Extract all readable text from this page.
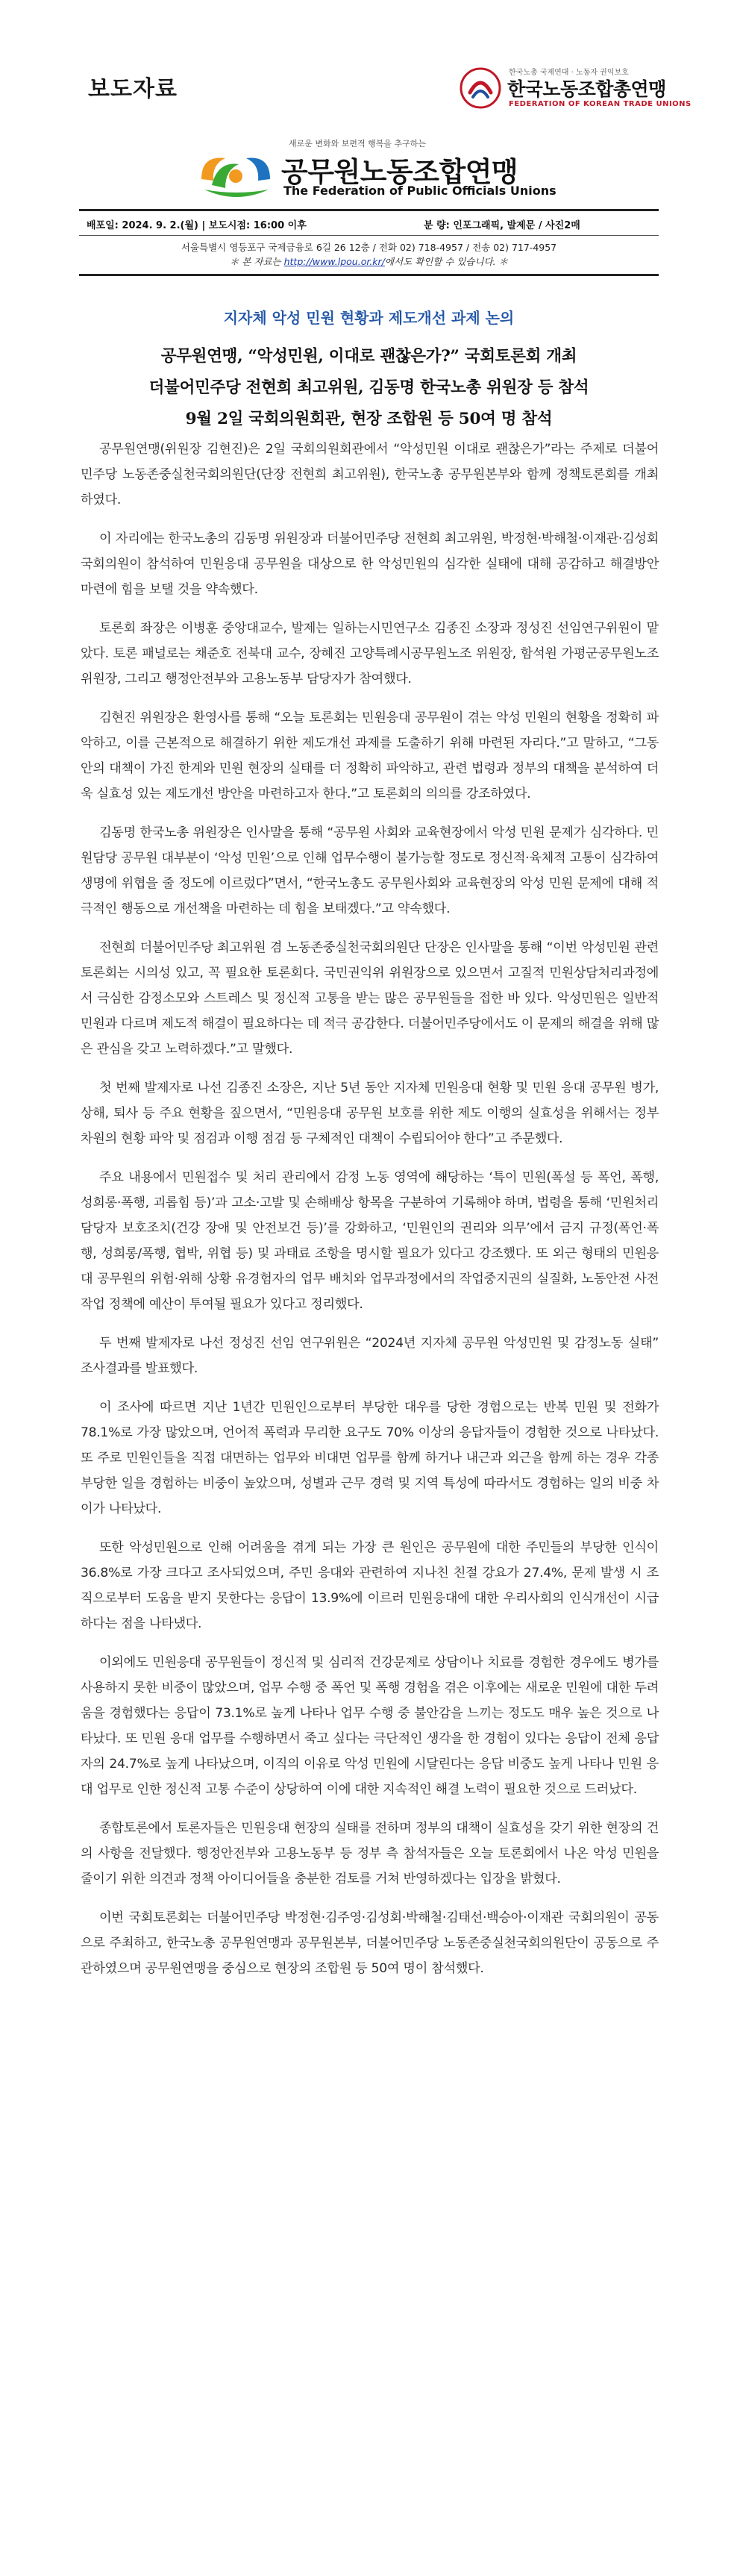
보도자료
한국노총 국제연대 · 노동자 권익보호
한국노동조합총연맹
FEDERATION OF KOREAN TRADE UNIONS
새로운 변화와 보편적 행복을 추구하는
공무원노동조합연맹
The Federation of Public Officials Unions
배포일: 2024. 9. 2.(월) | 보도시점: 16:00 이후	분 량: 인포그래픽, 발제문 / 사진2매
서울특별시 영등포구 국제금융로 6길 26 12층 / 전화 02) 718-4957 / 전송 02) 717-4957
＊ 본 자료는 http://www.lpou.or.kr/에서도 확인할 수 있습니다. ＊
지자체 악성 민원 현황과 제도개선 과제 논의
공무원연맹, “악성민원, 이대로 괜찮은가?” 국회토론회 개최
더불어민주당 전현희 최고위원, 김동명 한국노총 위원장 등 참석
9월 2일 국회의원회관, 현장 조합원 등 50여 명 참석

공무원연맹(위원장 김현진)은 2일 국회의원회관에서 “악성민원 이대로 괜찮은가”라는 주제로 더불어민주당 노동존중실천국회의원단(단장 전현희 최고위원), 한국노총 공무원본부와 함께 정책토론회를 개최하였다.

이 자리에는 한국노총의 김동명 위원장과 더불어민주당 전현희 최고위원, 박정현·박해철·이재관·김성회 국회의원이 참석하여 민원응대 공무원을 대상으로 한 악성민원의 심각한 실태에 대해 공감하고 해결방안 마련에 힘을 보탤 것을 약속했다.

토론회 좌장은 이병훈 중앙대교수, 발제는 일하는시민연구소 김종진 소장과 정성진 선임연구위원이 맡았다. 토론 패널로는 채준호 전북대 교수, 장혜진 고양특례시공무원노조 위원장, 함석원 가평군공무원노조위원장, 그리고 행정안전부와 고용노동부 담당자가 참여했다.

김현진 위원장은 환영사를 통해 “오늘 토론회는 민원응대 공무원이 겪는 악성 민원의 현황을 정확히 파악하고, 이를 근본적으로 해결하기 위한 제도개선 과제를 도출하기 위해 마련된 자리다.”고 말하고, “그동안의 대책이 가진 한계와 민원 현장의 실태를 더 정확히 파악하고, 관련 법령과 정부의 대책을 분석하여 더욱 실효성 있는 제도개선 방안을 마련하고자 한다.”고 토론회의 의의를 강조하였다.

김동명 한국노총 위원장은 인사말을 통해 “공무원 사회와 교육현장에서 악성 민원 문제가 심각하다. 민원담당 공무원 대부분이 ‘악성 민원’으로 인해 업무수행이 불가능할 정도로 정신적·육체적 고통이 심각하여 생명에 위협을 줄 정도에 이르렀다”면서, “한국노총도 공무원사회와 교육현장의 악성 민원 문제에 대해 적극적인 행동으로 개선책을 마련하는 데 힘을 보태겠다.”고 약속했다.

전현희 더불어민주당 최고위원 겸 노동존중실천국회의원단 단장은 인사말을 통해 “이번 악성민원 관련 토론회는 시의성 있고, 꼭 필요한 토론회다. 국민권익위 위원장으로 있으면서 고질적 민원상담처리과정에서 극심한 감정소모와 스트레스 및 정신적 고통을 받는 많은 공무원들을 접한 바 있다. 악성민원은 일반적 민원과 다르며 제도적 해결이 필요하다는 데 적극 공감한다. 더불어민주당에서도 이 문제의 해결을 위해 많은 관심을 갖고 노력하겠다.”고 말했다.

첫 번째 발제자로 나선 김종진 소장은, 지난 5년 동안 지자체 민원응대 현황 및 민원 응대 공무원 병가, 상해, 퇴사 등 주요 현황을 짚으면서, “민원응대 공무원 보호를 위한 제도 이행의 실효성을 위해서는 정부 차원의 현황 파악 및 점검과 이행 점검 등 구체적인 대책이 수립되어야 한다”고 주문했다.

주요 내용에서 민원접수 및 처리 관리에서 감정 노동 영역에 해당하는 ‘특이 민원(폭설 등 폭언, 폭행, 성희롱·폭행, 괴롭힘 등)’과 고소·고발 및 손해배상 항목을 구분하여 기록해야 하며, 법령을 통해 ‘민원처리 담당자 보호조치(건강 장애 및 안전보건 등)’를 강화하고, ‘민원인의 권리와 의무’에서 금지 규정(폭언·폭행, 성희롱/폭행, 협박, 위협 등) 및 과태료 조항을 명시할 필요가 있다고 강조했다. 또 외근 형태의 민원응대 공무원의 위험·위해 상황 유경험자의 업무 배치와 업무과정에서의 작업중지권의 실질화, 노동안전 사전 작업 정책에 예산이 투여될 필요가 있다고 정리했다.

두 번째 발제자로 나선 정성진 선임 연구위원은 “2024년 지자체 공무원 악성민원 및 감정노동 실태” 조사결과를 발표했다.

이 조사에 따르면 지난 1년간 민원인으로부터 부당한 대우를 당한 경험으로는 반복 민원 및 전화가 78.1%로 가장 많았으며, 언어적 폭력과 무리한 요구도 70% 이상의 응답자들이 경험한 것으로 나타났다. 또 주로 민원인들을 직접 대면하는 업무와 비대면 업무를 함께 하거나 내근과 외근을 함께 하는 경우 각종 부당한 일을 경험하는 비중이 높았으며, 성별과 근무 경력 및 지역 특성에 따라서도 경험하는 일의 비중 차이가 나타났다.

또한 악성민원으로 인해 어려움을 겪게 되는 가장 큰 원인은 공무원에 대한 주민들의 부당한 인식이 36.8%로 가장 크다고 조사되었으며, 주민 응대와 관련하여 지나친 친절 강요가 27.4%, 문제 발생 시 조직으로부터 도움을 받지 못한다는 응답이 13.9%에 이르러 민원응대에 대한 우리사회의 인식개선이 시급하다는 점을 나타냈다.

이외에도 민원응대 공무원들이 정신적 및 심리적 건강문제로 상담이나 치료를 경험한 경우에도 병가를 사용하지 못한 비중이 많았으며, 업무 수행 중 폭언 및 폭행 경험을 겪은 이후에는 새로운 민원에 대한 두려움을 경험했다는 응답이 73.1%로 높게 나타나 업무 수행 중 불안감을 느끼는 정도도 매우 높은 것으로 나타났다. 또 민원 응대 업무를 수행하면서 죽고 싶다는 극단적인 생각을 한 경험이 있다는 응답이 전체 응답자의 24.7%로 높게 나타났으며, 이직의 이유로 악성 민원에 시달린다는 응답 비중도 높게 나타나 민원 응대 업무로 인한 정신적 고통 수준이 상당하여 이에 대한 지속적인 해결 노력이 필요한 것으로 드러났다.

종합토론에서 토론자들은 민원응대 현장의 실태를 전하며 정부의 대책이 실효성을 갖기 위한 현장의 건의 사항을 전달했다. 행정안전부와 고용노동부 등 정부 측 참석자들은 오늘 토론회에서 나온 악성 민원을 줄이기 위한 의견과 정책 아이디어들을 충분한 검토를 거쳐 반영하겠다는 입장을 밝혔다.

이번 국회토론회는 더불어민주당 박정현·김주영·김성회·박해철·김태선·백승아·이재관 국회의원이 공동으로 주최하고, 한국노총 공무원연맹과 공무원본부, 더불어민주당 노동존중실천국회의원단이 공동으로 주관하였으며 공무원연맹을 중심으로 현장의 조합원 등 50여 명이 참석했다.
